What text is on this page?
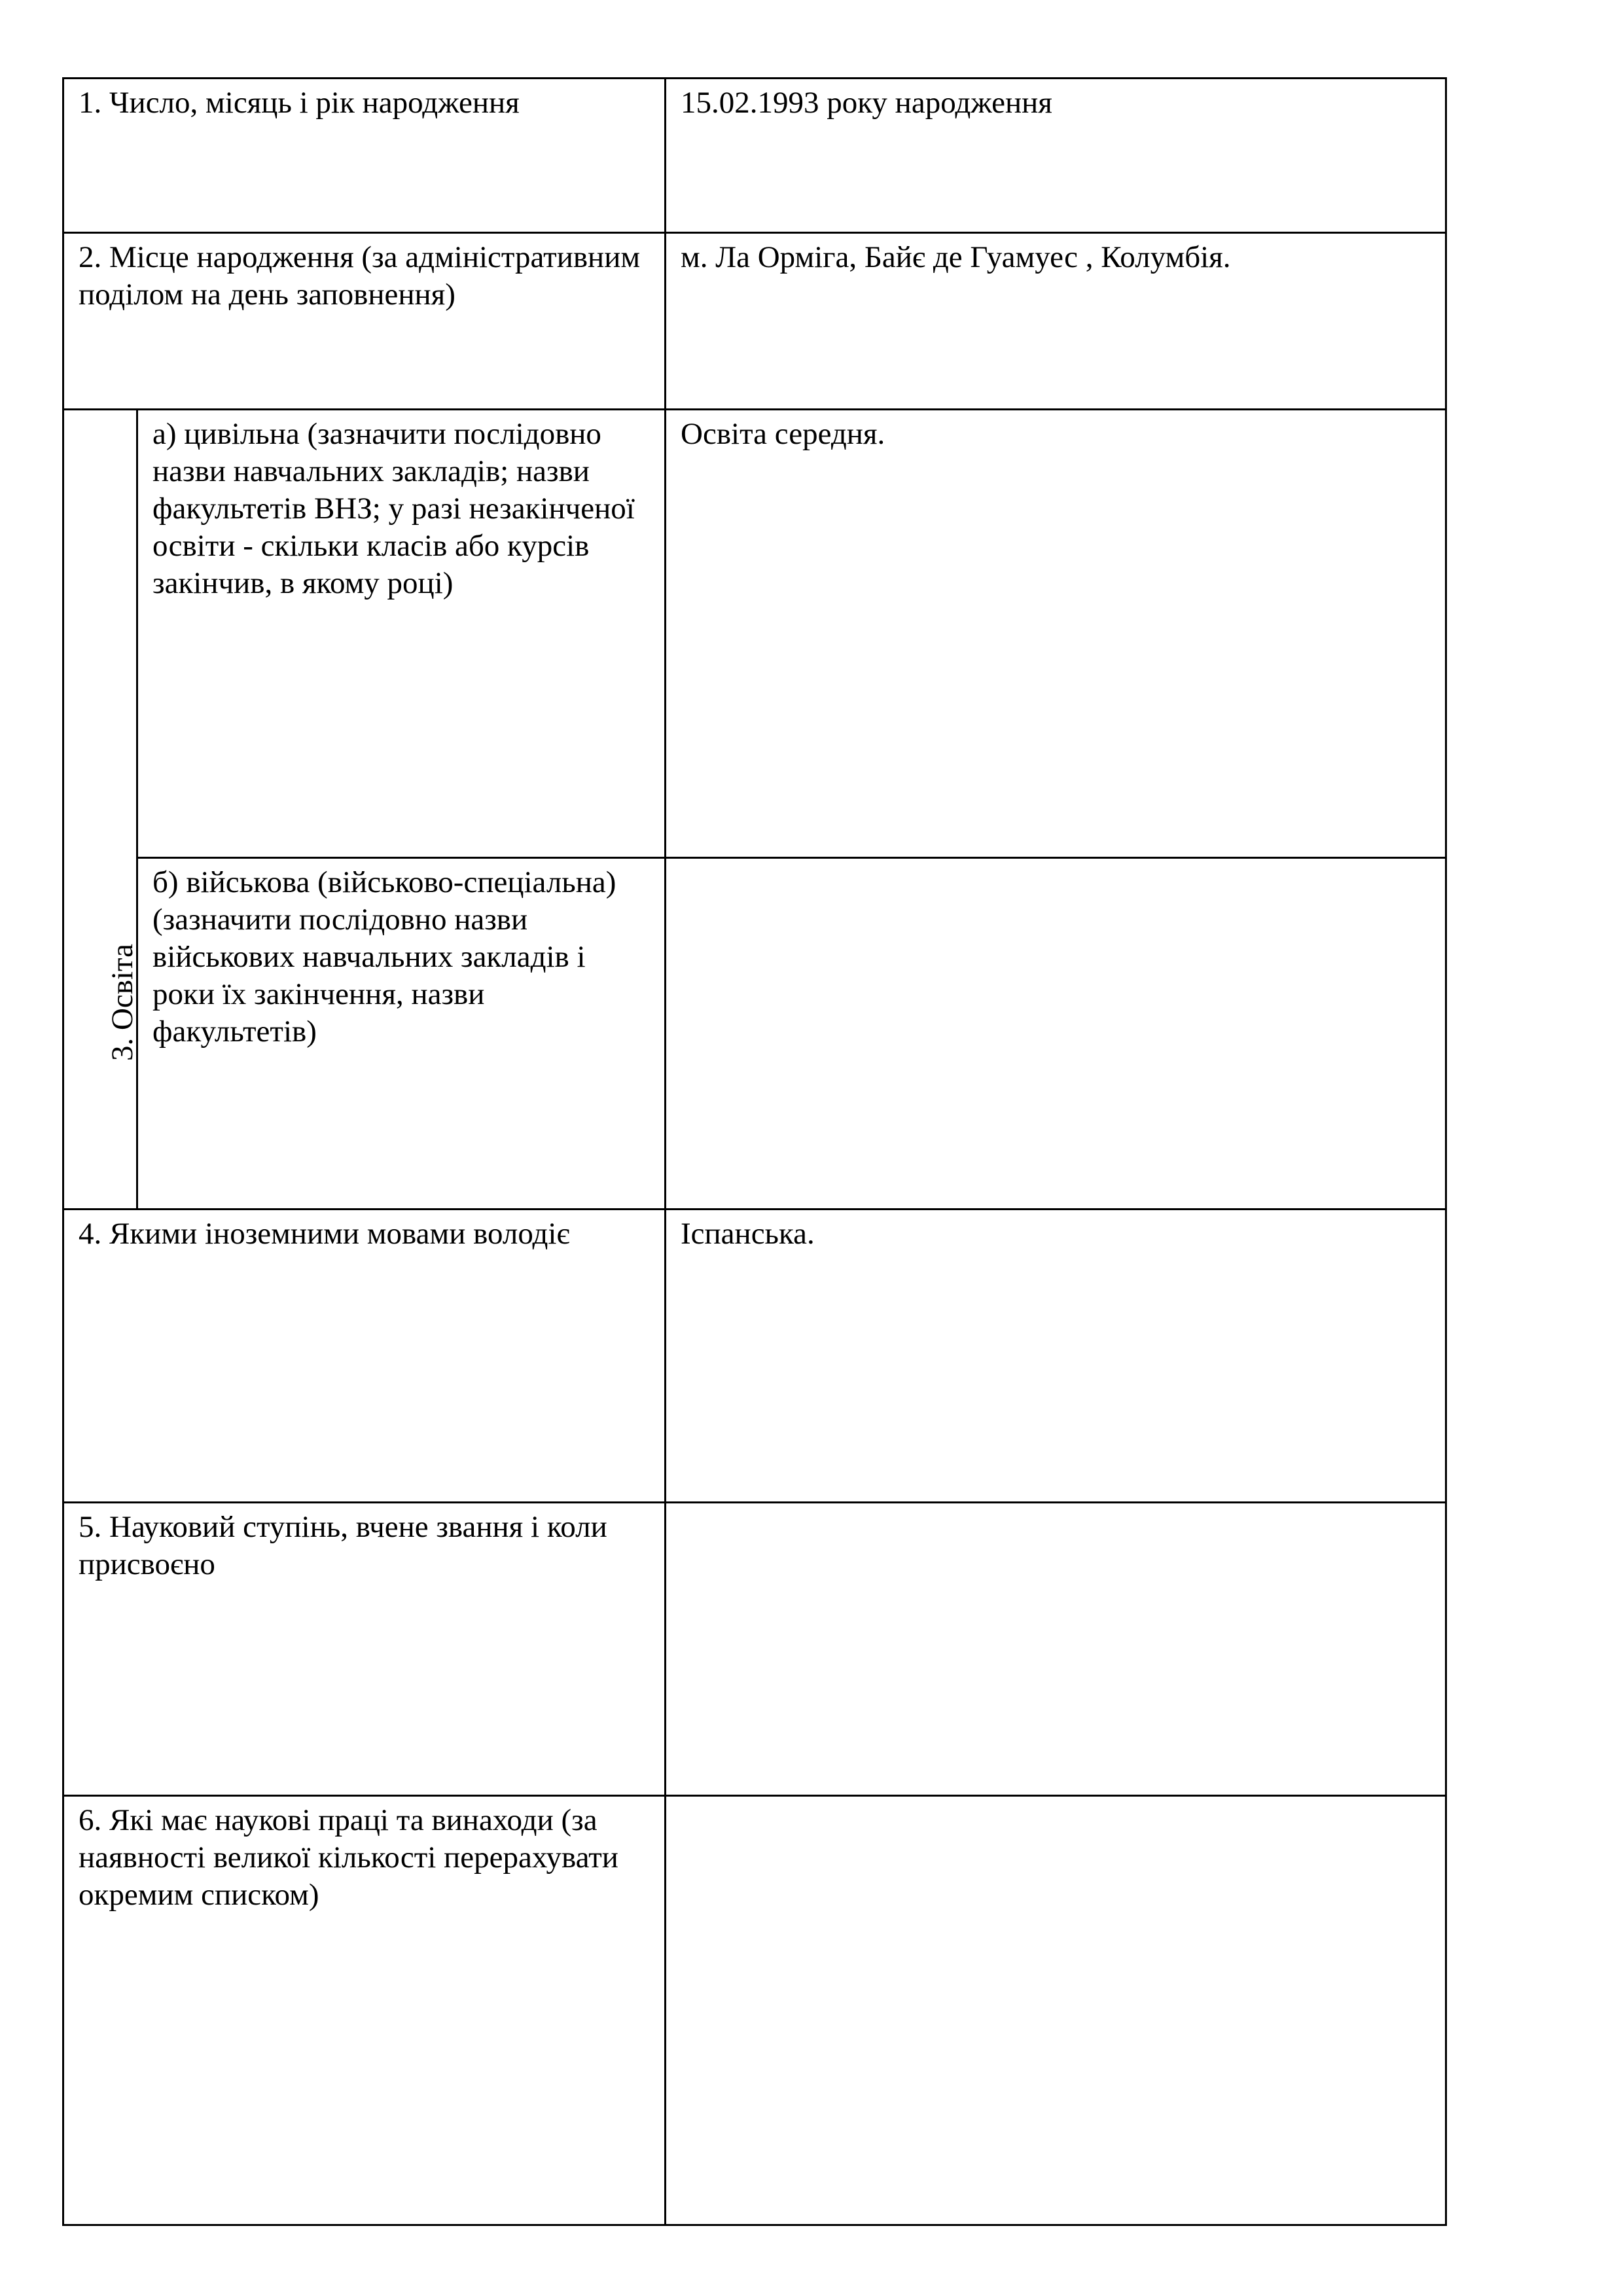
1. Число, місяць і рік народження		15.02.1993 року народження
2. Місце народження (за адміністративним поділом на день заповнення)		м. Ла Орміга, Байє де Гуамуес , Колумбія.
3. Освіта	а) цивільна (зазначити послідовно назви навчальних закладів; назви факультетів ВНЗ; у разі незакінченої освіти - скільки класів або курсів закінчив, в якому році)	Освіта середня.
	б) військова (військово-спеціальна) (зазначити послідовно назви військових навчальних закладів і роки їх закінчення, назви факультетів)	
4. Якими іноземними мовами володіє		Іспанська.
5. Науковий ступінь, вчене звання і коли присвоєно		
6. Які має наукові праці та винаходи (за наявності великої кількості перерахувати окремим списком)		
